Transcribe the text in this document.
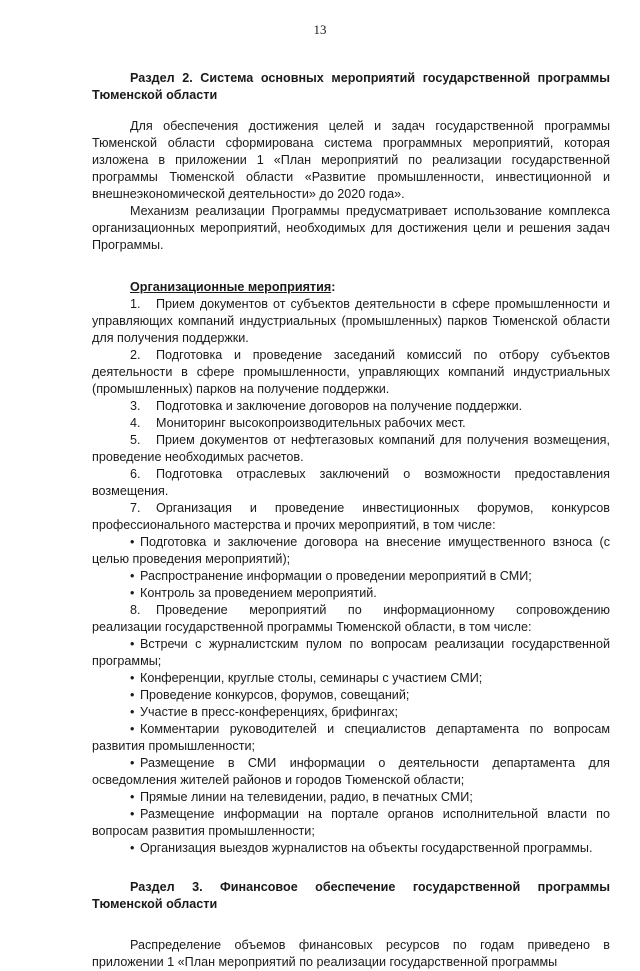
13

Раздел 2. Система основных мероприятий государственной программы Тюменской области

Для обеспечения достижения целей и задач государственной программы Тюменской области сформирована система программных мероприятий, которая изложена в приложении 1 «План мероприятий по реализации государственной программы Тюменской области «Развитие промышленности, инвестиционной и внешнеэкономической деятельности» до 2020 года».

Механизм реализации Программы предусматривает использование комплекса организационных мероприятий, необходимых для достижения цели и решения задач Программы.

Организационные мероприятия:

1. Прием документов от субъектов деятельности в сфере промышленности и управляющих компаний индустриальных (промышленных) парков Тюменской области для получения поддержки.

2. Подготовка и проведение заседаний комиссий по отбору субъектов деятельности в сфере промышленности, управляющих компаний индустриальных (промышленных) парков на получение поддержки.

3. Подготовка и заключение договоров на получение поддержки.

4. Мониторинг высокопроизводительных рабочих мест.

5. Прием документов от нефтегазовых компаний для получения возмещения, проведение необходимых расчетов.

6. Подготовка отраслевых заключений о возможности предоставления возмещения.

7. Организация и проведение инвестиционных форумов, конкурсов профессионального мастерства и прочих мероприятий, в том числе:

• Подготовка и заключение договора на внесение имущественного взноса (с целью проведения мероприятий);

• Распространение информации о проведении мероприятий в СМИ;

• Контроль за проведением мероприятий.

8. Проведение мероприятий по информационному сопровождению реализации государственной программы Тюменской области, в том числе:

• Встречи с журналистским пулом по вопросам реализации государственной программы;

• Конференции, круглые столы, семинары с участием СМИ;

• Проведение конкурсов, форумов, совещаний;

• Участие в пресс-конференциях, брифингах;

• Комментарии руководителей и специалистов департамента по вопросам развития промышленности;

• Размещение в СМИ информации о деятельности департамента для осведомления жителей районов и городов Тюменской области;

• Прямые линии на телевидении, радио, в печатных СМИ;

• Размещение информации на портале органов исполнительной власти по вопросам развития промышленности;

• Организация выездов журналистов на объекты государственной программы.

Раздел 3. Финансовое обеспечение государственной программы Тюменской области

Распределение объемов финансовых ресурсов по годам приведено в приложении 1 «План мероприятий по реализации государственной программы
